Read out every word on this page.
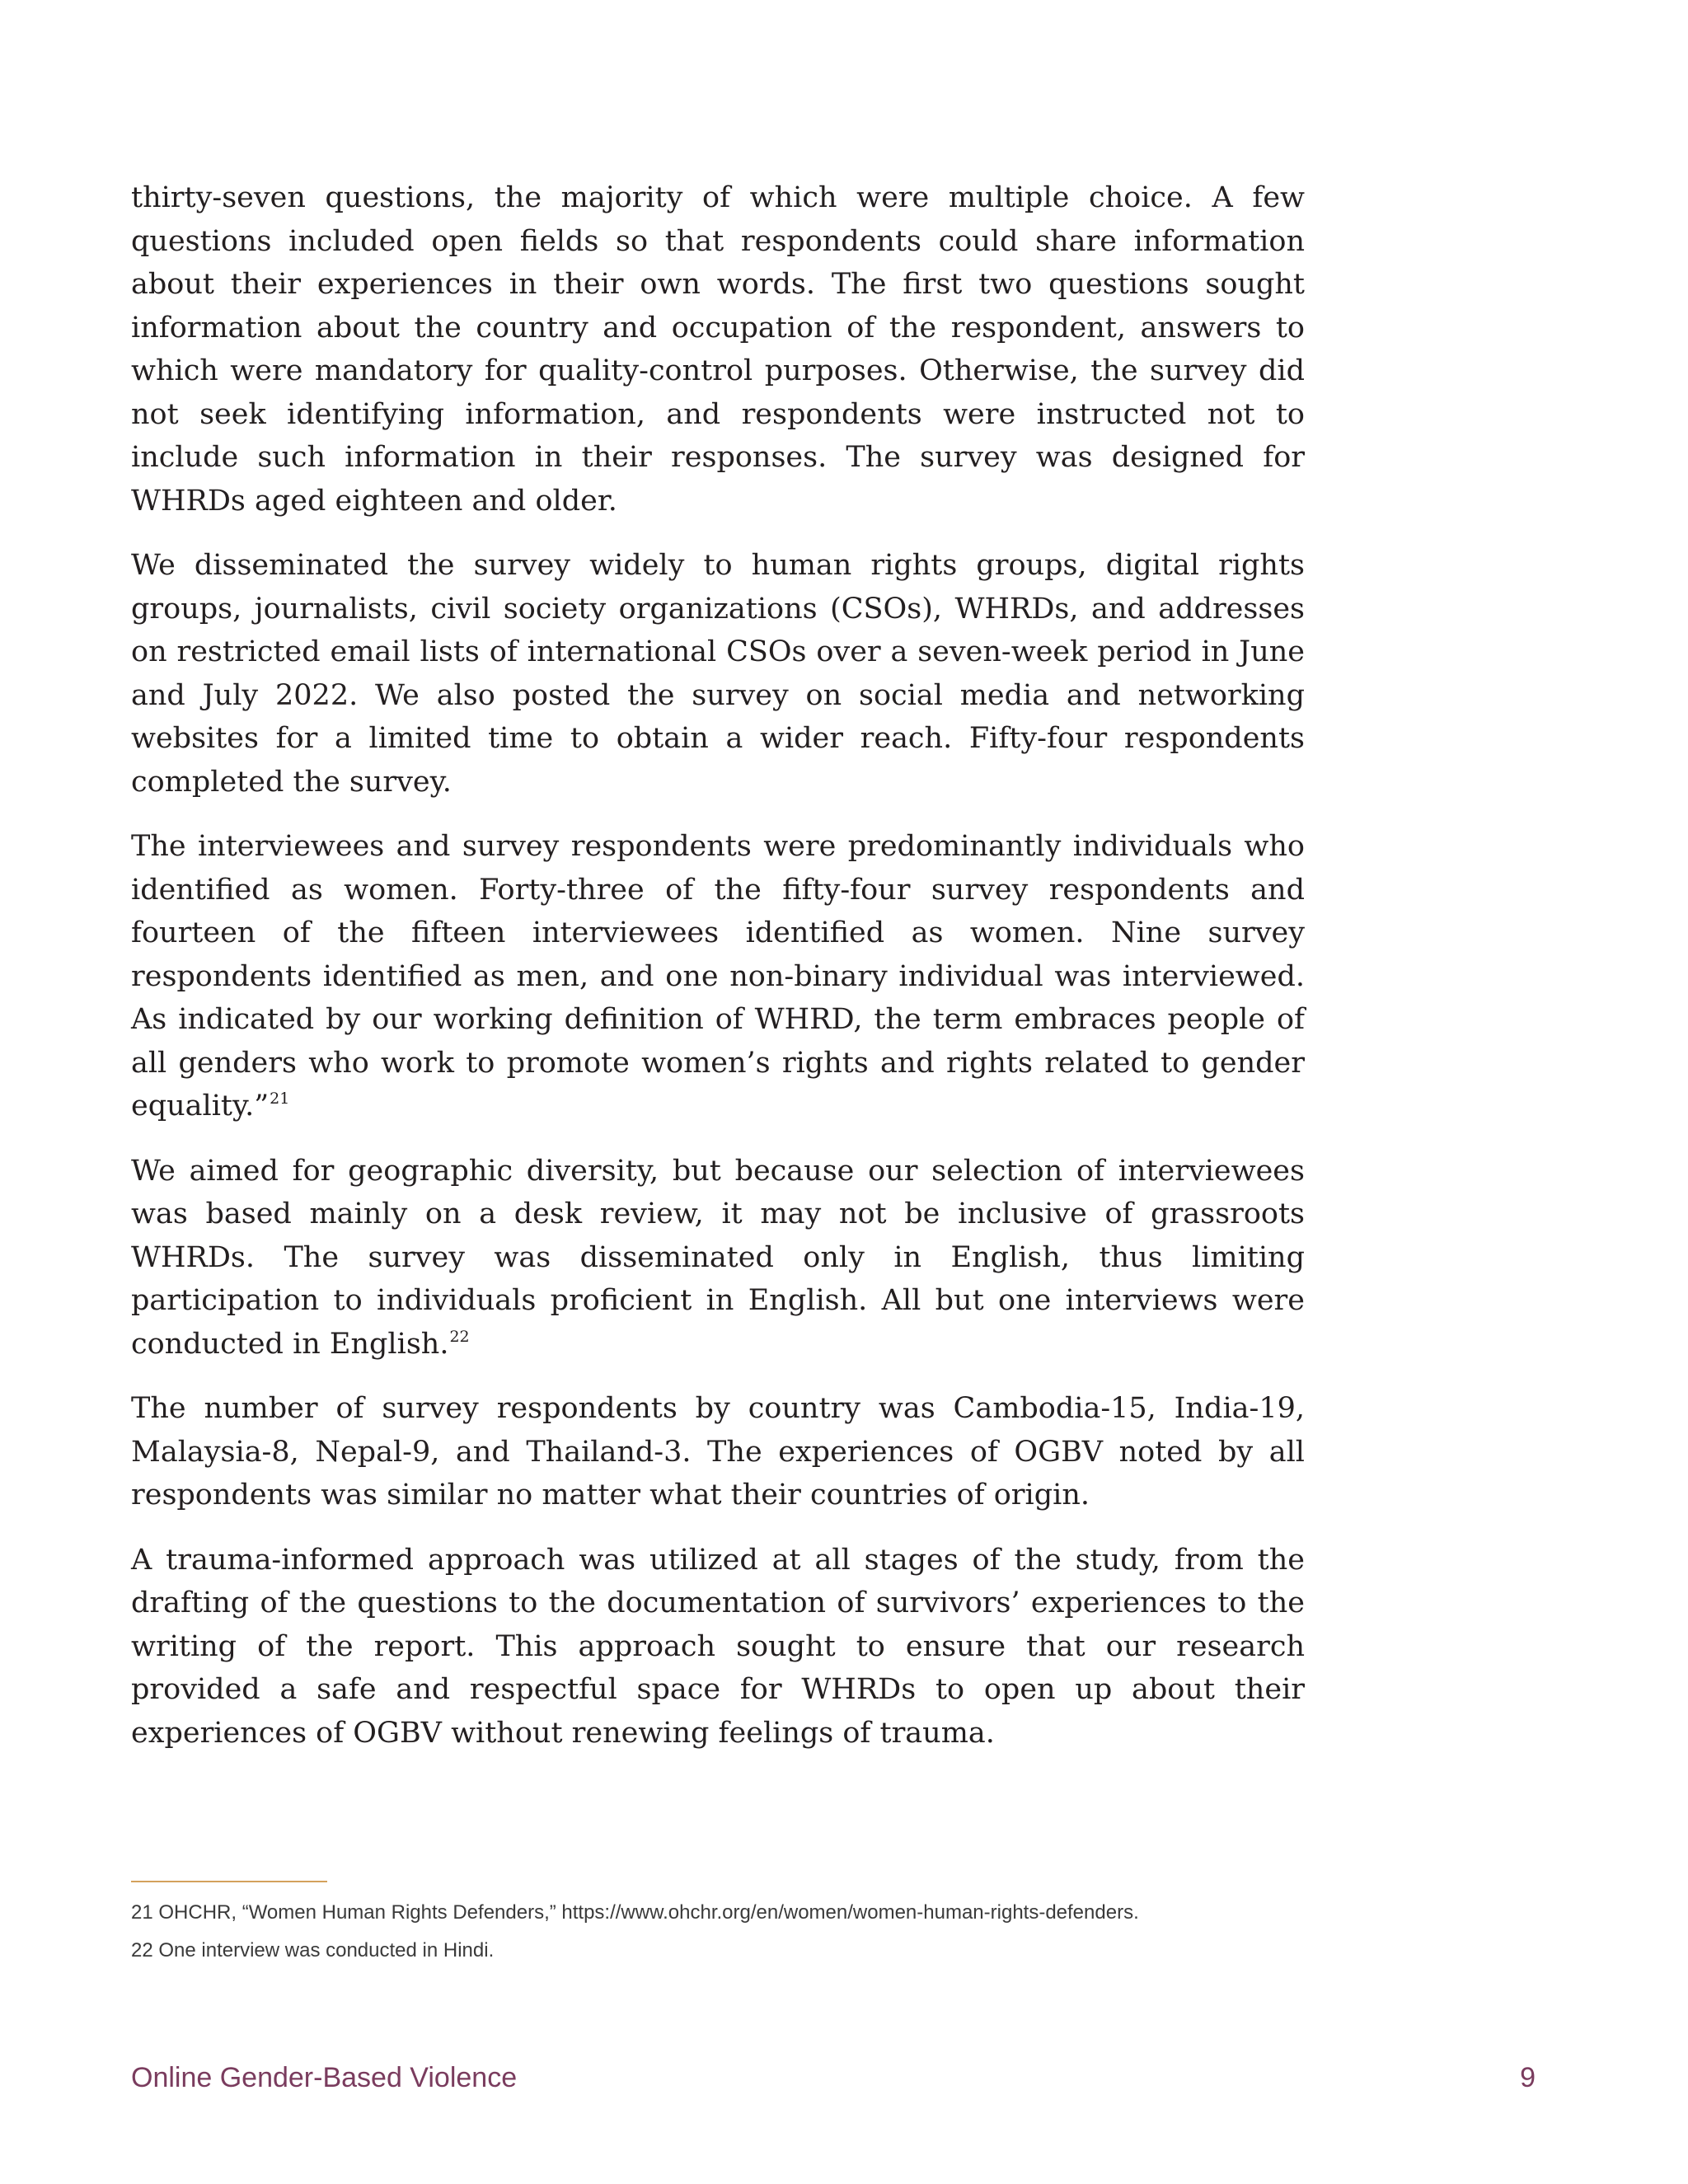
thirty-seven questions, the majority of which were multiple choice. A few questions included open fields so that respondents could share information about their experiences in their own words. The first two questions sought information about the country and occupation of the respondent, answers to which were mandatory for quality-control purposes. Otherwise, the survey did not seek identifying information, and respondents were instructed not to include such information in their responses. The survey was designed for WHRDs aged eighteen and older.

We disseminated the survey widely to human rights groups, digital rights groups, journalists, civil society organizations (CSOs), WHRDs, and addresses on restricted email lists of international CSOs over a seven-week period in June and July 2022. We also posted the survey on social media and networking websites for a limited time to obtain a wider reach. Fifty-four respondents completed the survey.

The interviewees and survey respondents were predominantly individuals who identified as women. Forty-three of the fifty-four survey respondents and fourteen of the fifteen interviewees identified as women. Nine survey respondents identified as men, and one non-binary individual was interviewed. As indicated by our working definition of WHRD, the term embraces people of all genders who work to promote women’s rights and rights related to gender equality.”$^{21}$

We aimed for geographic diversity, but because our selection of interviewees was based mainly on a desk review, it may not be inclusive of grassroots WHRDs. The survey was disseminated only in English, thus limiting participation to individuals proficient in English. All but one interviews were conducted in English.$^{22}$

The number of survey respondents by country was Cambodia-15, India-19, Malaysia-8, Nepal-9, and Thailand-3. The experiences of OGBV noted by all respondents was similar no matter what their countries of origin.

A trauma-informed approach was utilized at all stages of the study, from the drafting of the questions to the documentation of survivors’ experiences to the writing of the report. This approach sought to ensure that our research provided a safe and respectful space for WHRDs to open up about their experiences of OGBV without renewing feelings of trauma.

21 OHCHR, “Women Human Rights Defenders,” https://www.ohchr.org/en/women/women-human-rights-defenders.
22 One interview was conducted in Hindi.
Online Gender-Based Violence	9
